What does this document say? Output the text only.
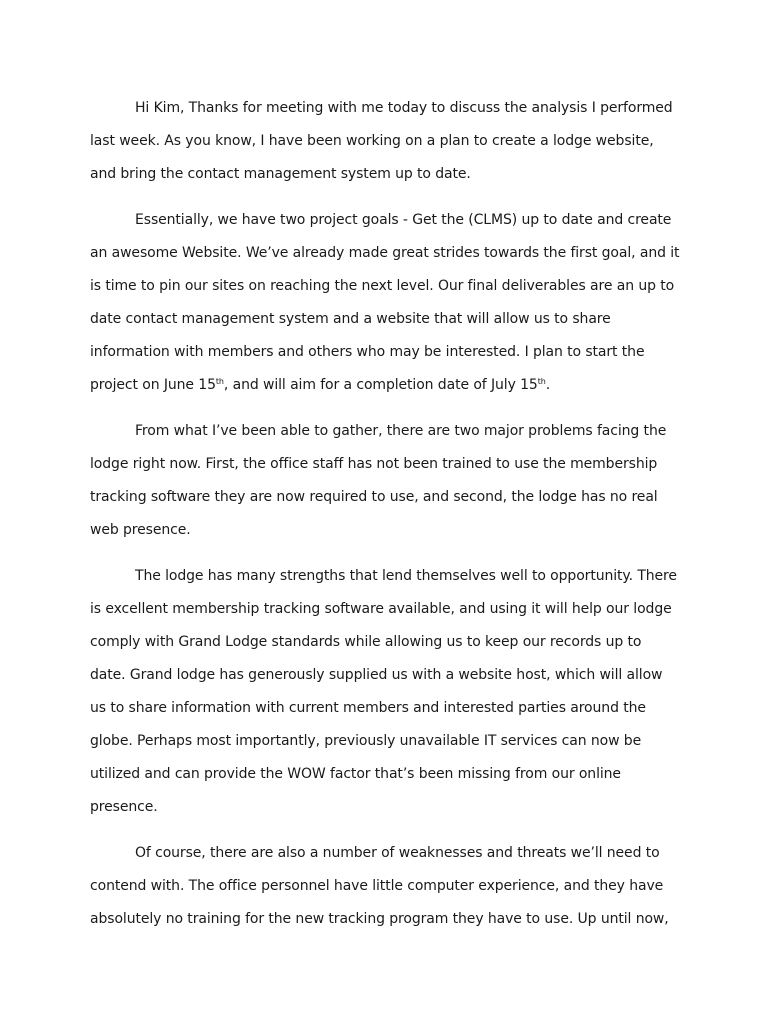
Hi Kim, Thanks for meeting with me today to discuss the analysis I performed last week. As you know, I have been working on a plan to create a lodge website, and bring the contact management system up to date.

Essentially, we have two project goals - Get the (CLMS) up to date and create an awesome Website. We’ve already made great strides towards the first goal, and it is time to pin our sites on reaching the next level. Our final deliverables are an up to date contact management system and a website that will allow us to share information with members and others who may be interested. I plan to start the project on June 15th, and will aim for a completion date of July 15th.

From what I’ve been able to gather, there are two major problems facing the lodge right now. First, the office staff has not been trained to use the membership tracking software they are now required to use, and second, the lodge has no real web presence.

The lodge has many strengths that lend themselves well to opportunity. There is excellent membership tracking software available, and using it will help our lodge comply with Grand Lodge standards while allowing us to keep our records up to date. Grand lodge has generously supplied us with a website host, which will allow us to share information with current members and interested parties around the globe. Perhaps most importantly, previously unavailable IT services can now be utilized and can provide the WOW factor that’s been missing from our online presence.

Of course, there are also a number of weaknesses and threats we’ll need to contend with. The office personnel have little computer experience, and they have absolutely no training for the new tracking program they have to use. Up until now,
